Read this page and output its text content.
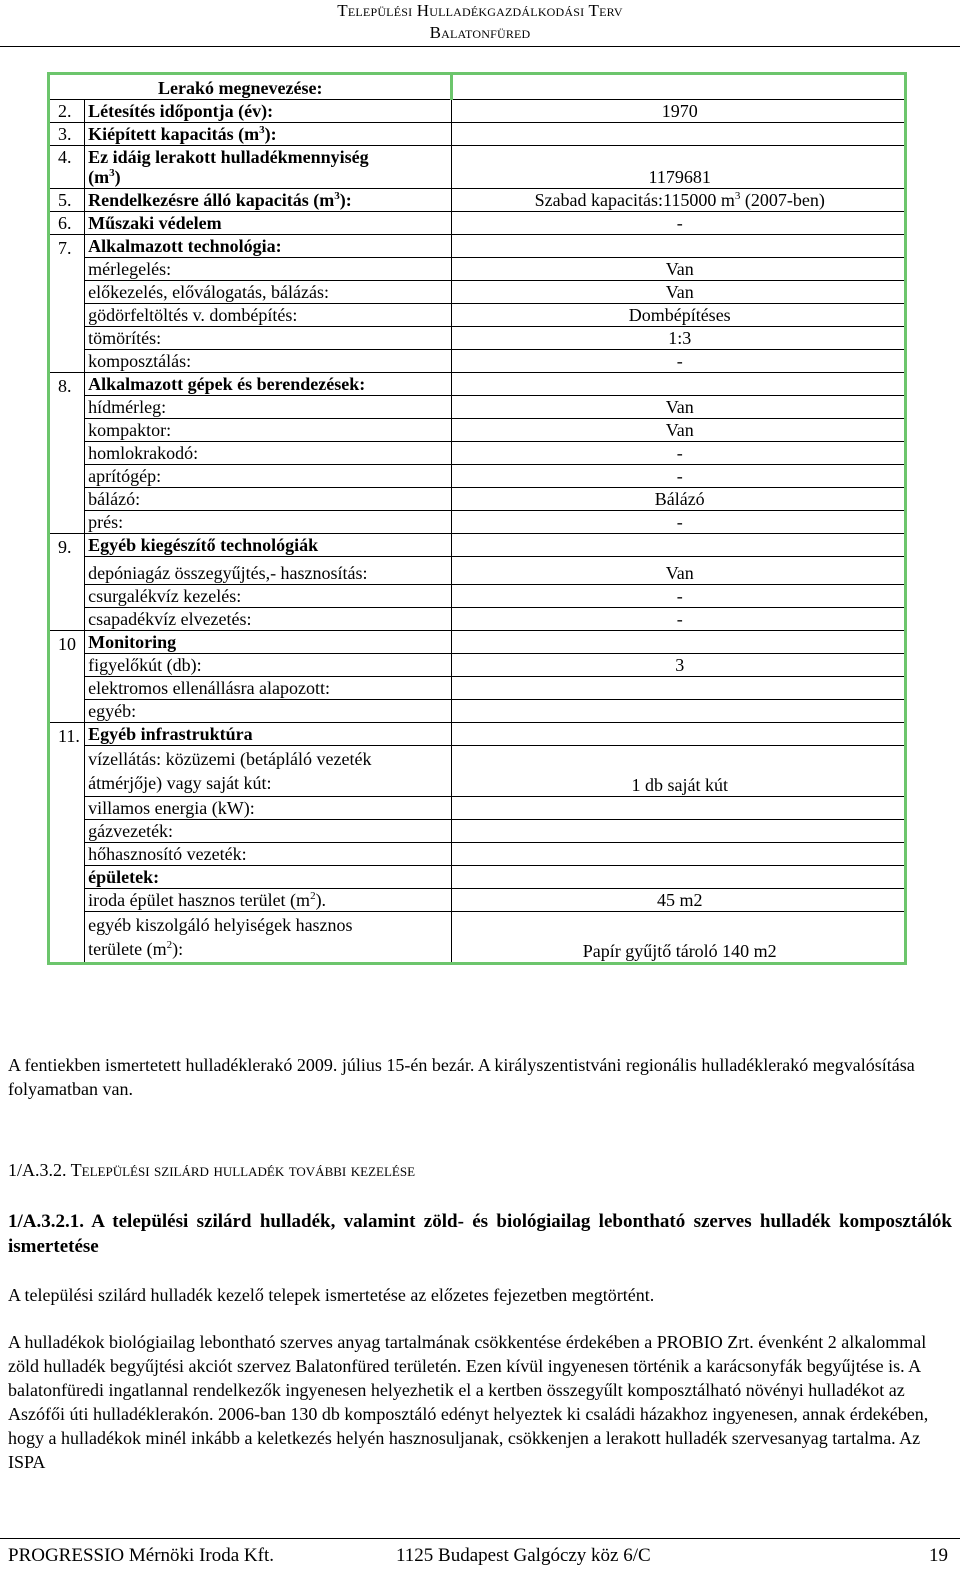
Települési Hulladékgazdálkodási Terv
Balatonfüred
Lerakó megnevezése:		
2.	Létesítés időpontja (év):	1970
3.	Kiépített kapacitás $(m^3)$:	
4.	Ez idáig lerakott hulladékmennyiség
$(m^3)$	1179681
5.	Rendelkezésre álló kapacitás $(m^3)$:	Szabad kapacitás:115000 $m^3$ (2007-ben)
6.	Műszaki védelem	-
7.	Alkalmazott technológia:	
	mérlegelés:	Van
	előkezelés, előválogatás, bálázás:	Van
	gödörfeltöltés v. dombépítés:	Dombépítéses
	tömörítés:	1:3
	komposztálás:	-
8.	Alkalmazott gépek és berendezések:	
	hídmérleg:	Van
	kompaktor:	Van
	homlokrakodó:	-
	aprítógép:	-
	bálázó:	Bálázó
	prés:	-
9.	Egyéb kiegészítő technológiák	
	depóniagáz összegyűjtés,- hasznosítás:	Van
	csurgalékvíz kezelés:	-
	csapadékvíz elvezetés:	-
10	Monitoring	
	figyelőkút (db):	3
	elektromos ellenállásra alapozott:	
	egyéb:	
11.	Egyéb infrastruktúra	

	vízellátás: közüzemi (betápláló vezeték
átmérjője) vagy saját kút:	1 db saját kút
	villamos energia (kW):	
	gázvezeték:	
	hőhasznosító vezeték:	
	épületek:	
	iroda épület hasznos terület $(m^2)$.	45 m2

	egyéb kiszolgáló helyiségek hasznos
területe $(m^2)$:	Papír gyűjtő tároló 140 m2
A fentiekben ismertetett hulladéklerakó 2009. július 15-én bezár. A királyszentistváni regionális hulladéklerakó megvalósítása folyamatban van.
1/A.3.2. Települési szilárd hulladék további kezelése
1/A.3.2.1. A települési szilárd hulladék, valamint zöld- és biológiailag lebontható szerves hulladék komposztálók ismertetése
A települési szilárd hulladék kezelő telepek ismertetése az előzetes fejezetben megtörtént.
A hulladékok biológiailag lebontható szerves anyag tartalmának csökkentése érdekében a PROBIO Zrt. évenként 2 alkalommal zöld hulladék begyűjtési akciót szervez Balatonfüred területén. Ezen kívül ingyenesen történik a karácsonyfák begyűjtése is. A balatonfüredi ingatlannal rendelkezők ingyenesen helyezhetik el a kertben összegyűlt komposztálható növényi hulladékot az Aszófői úti hulladéklerakón. 2006-ban 130 db komposztáló edényt helyeztek ki családi házakhoz ingyenesen, annak érdekében, hogy a hulladékok minél inkább a keletkezés helyén hasznosuljanak, csökkenjen a lerakott hulladék szervesanyag tartalma. Az ISPA
PROGRESSIO Mérnöki Iroda Kft.	1125 Budapest Galgóczy köz 6/C	19
